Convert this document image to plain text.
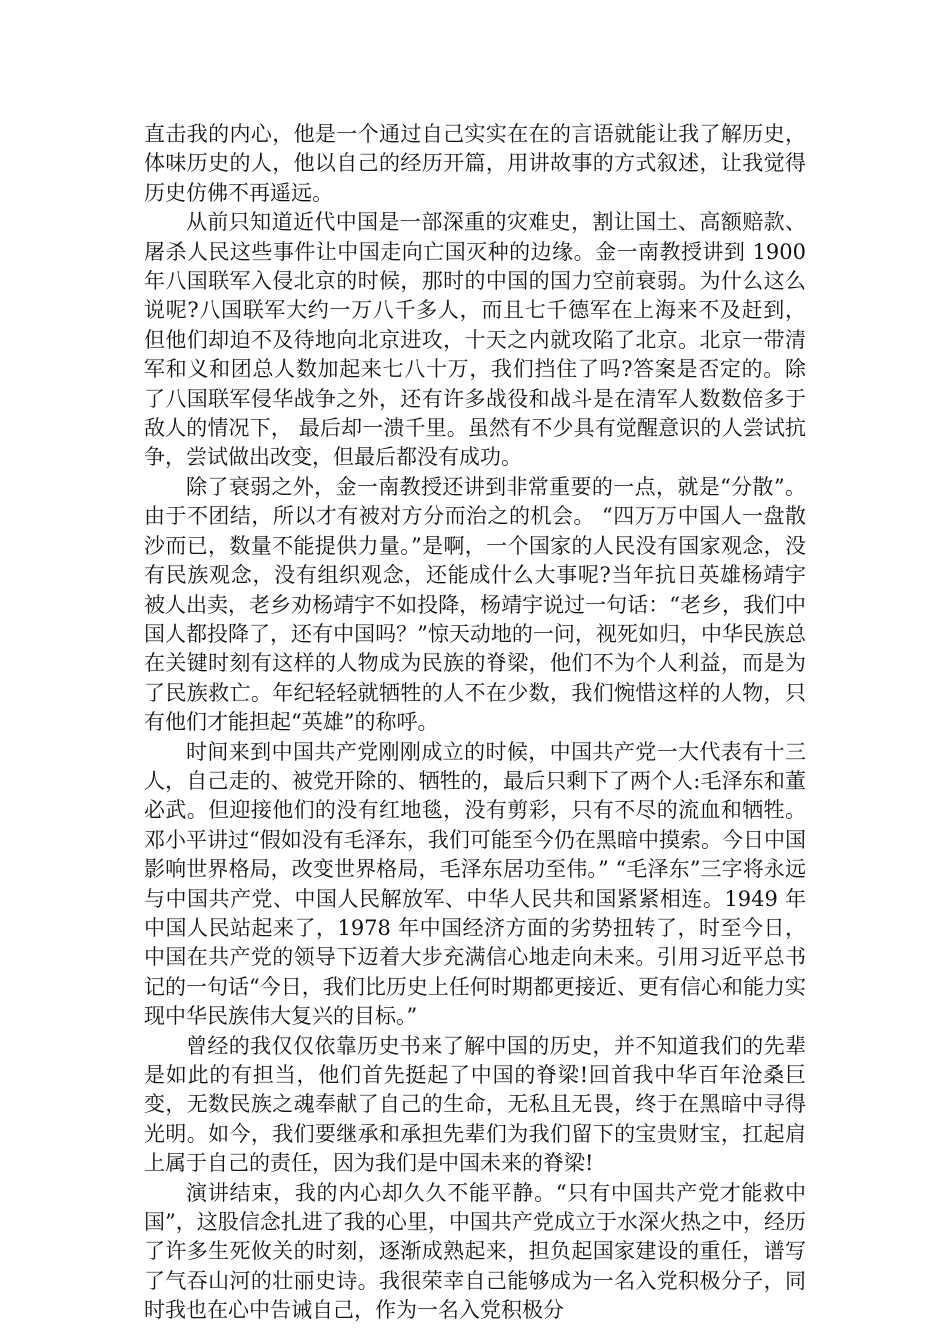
直击我的内心，他是一个通过自己实实在在的言语就能让我了解历史，体味历史的人，他以自己的经历开篇，用讲故事的方式叙述，让我觉得历史仿佛不再遥远。

从前只知道近代中国是一部深重的灾难史，割让国土、高额赔款、屠杀人民这些事件让中国走向亡国灭种的边缘。金一南教授讲到 1900 年八国联军入侵北京的时候，那时的中国的国力空前衰弱。为什么这么说呢?八国联军大约一万八千多人，而且七千德军在上海来不及赶到，但他们却迫不及待地向北京进攻，十天之内就攻陷了北京。北京一带清军和义和团总人数加起来七八十万，我们挡住了吗?答案是否定的。除了八国联军侵华战争之外，还有许多战役和战斗是在清军人数数倍多于敌人的情况下， 最后却一溃千里。虽然有不少具有觉醒意识的人尝试抗争，尝试做出改变，但最后都没有成功。

除了衰弱之外，金一南教授还讲到非常重要的一点，就是“分散”。由于不团结，所以才有被对方分而治之的机会。 “四万万中国人一盘散沙而已，数量不能提供力量。”是啊，一个国家的人民没有国家观念，没有民族观念，没有组织观念，还能成什么大事呢?当年抗日英雄杨靖宇被人出卖，老乡劝杨靖宇不如投降，杨靖宇说过一句话：“老乡，我们中国人都投降了，还有中国吗？”惊天动地的一问，视死如归，中华民族总在关键时刻有这样的人物成为民族的脊梁，他们不为个人利益，而是为了民族救亡。年纪轻轻就牺牲的人不在少数，我们惋惜这样的人物，只有他们才能担起“英雄”的称呼。

时间来到中国共产党刚刚成立的时候，中国共产党一大代表有十三人，自己走的、被党开除的、牺牲的，最后只剩下了两个人:毛泽东和董必武。但迎接他们的没有红地毯，没有剪彩，只有不尽的流血和牺牲。邓小平讲过“假如没有毛泽东，我们可能至今仍在黑暗中摸索。今日中国影响世界格局，改变世界格局，毛泽东居功至伟。” “毛泽东”三字将永远与中国共产党、中国人民解放军、中华人民共和国紧紧相连。1949 年中国人民站起来了，1978 年中国经济方面的劣势扭转了，时至今日，中国在共产党的领导下迈着大步充满信心地走向未来。引用习近平总书记的一句话“今日，我们比历史上任何时期都更接近、更有信心和能力实现中华民族伟大复兴的目标。”

曾经的我仅仅依靠历史书来了解中国的历史，并不知道我们的先辈是如此的有担当，他们首先挺起了中国的脊梁!回首我中华百年沧桑巨变，无数民族之魂奉献了自己的生命，无私且无畏，终于在黑暗中寻得光明。如今，我们要继承和承担先辈们为我们留下的宝贵财宝，扛起肩上属于自己的责任，因为我们是中国未来的脊梁!

演讲结束，我的内心却久久不能平静。“只有中国共产党才能救中国”，这股信念扎进了我的心里，中国共产党成立于水深火热之中，经历了许多生死攸关的时刻，逐渐成熟起来，担负起国家建设的重任，谱写了气吞山河的壮丽史诗。我很荣幸自己能够成为一名入党积极分子，同时我也在心中告诫自己，作为一名入党积极分
